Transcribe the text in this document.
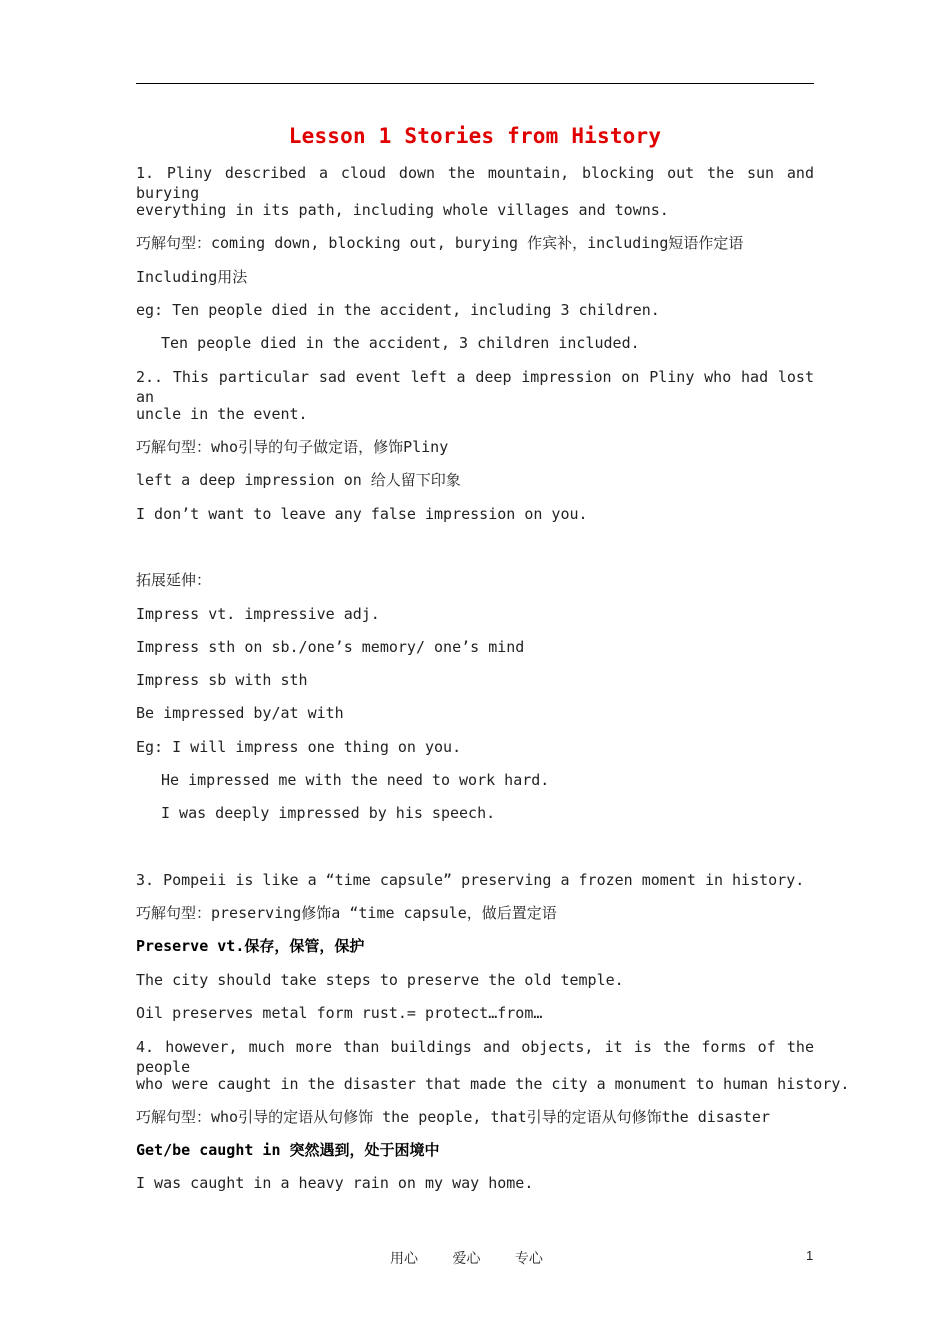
Lesson 1 Stories from History
1. Pliny described a cloud down the mountain, blocking out the sun and burying
everything in its path, including whole villages and towns.
巧解句型：coming down, blocking out, burying 作宾补，including短语作定语
Including用法
eg: Ten people died in the accident, including 3 children.
Ten people died in the accident, 3 children included.
2.. This particular sad event left a deep impression on Pliny who had lost an
uncle in the event.
巧解句型：who引导的句子做定语，修饰Pliny
left a deep impression on 给人留下印象
I don’t want to leave any false impression on you.
拓展延伸：
Impress vt. impressive adj.
Impress sth on sb./one’s memory/ one’s mind
Impress sb with sth
Be impressed by/at with
Eg: I will impress one thing on you.
He impressed me with the need to work hard.
I was deeply impressed by his speech.
3. Pompeii is like a “time capsule” preserving a frozen moment in history.
巧解句型：preserving修饰a “time capsule，做后置定语
Preserve vt.保存，保管，保护
The city should take steps to preserve the old temple.
Oil preserves metal form rust.= protect…from…
4. however, much more than buildings and objects, it is the forms of the people
who were caught in the disaster that made the city a monument to human history.
巧解句型：who引导的定语从句修饰 the people, that引导的定语从句修饰the disaster
Get/be caught in 突然遇到，处于困境中
I was caught in a heavy rain on my way home.
用心 爱心 专心	1
